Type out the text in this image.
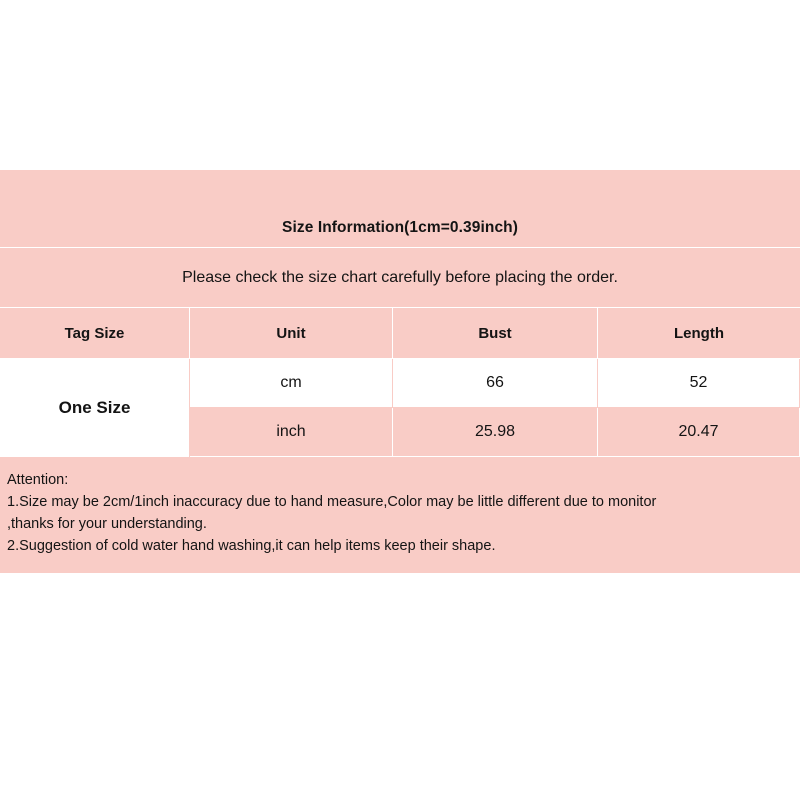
Size Information(1cm=0.39inch)
Please check the size chart carefully before placing the order.
Tag Size	Unit	Bust	Length
One Size
cm	66	52
inch	25.98	20.47
Attention:
1.Size may be 2cm/1inch inaccuracy due to hand measure,Color may be little different due to monitor
,thanks for your understanding.
2.Suggestion of cold water hand washing,it can help items keep their shape.
